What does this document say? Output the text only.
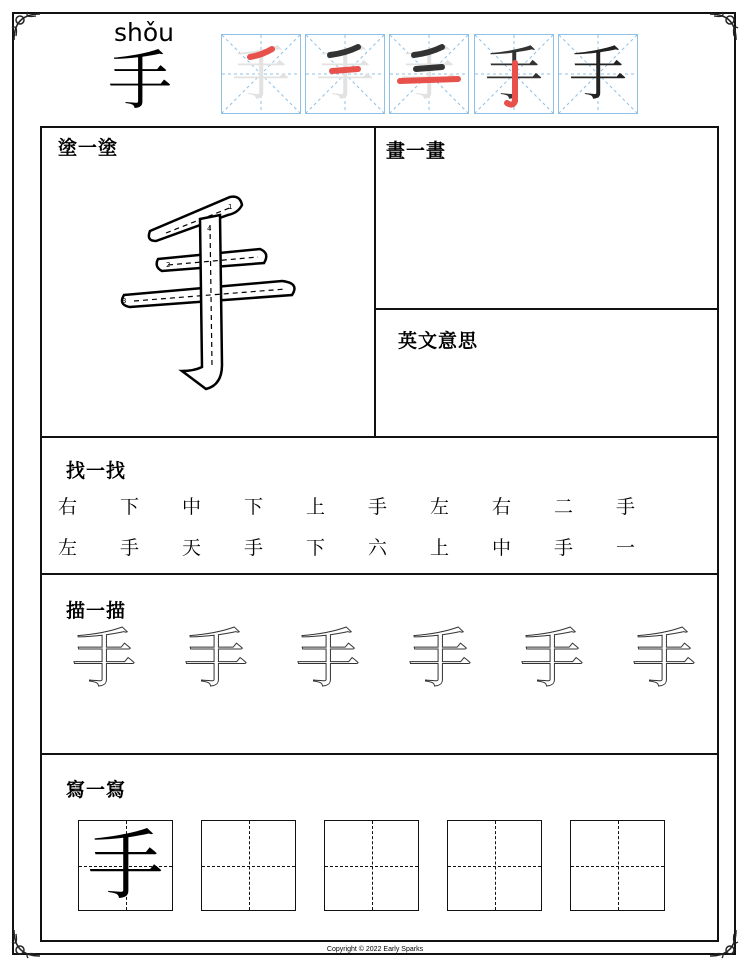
shǒu
手 手 手 手 手 手
塗一塗
1
2
3
4
畫一畫
英文意思
找一找
右	下	中	下	上	手	左	右	二	手
左	手	天	手	下	六	上	中	手	一
描一描
手 手 手 手 手 手
寫一寫
手
Copyright © 2022 Early Sparks
